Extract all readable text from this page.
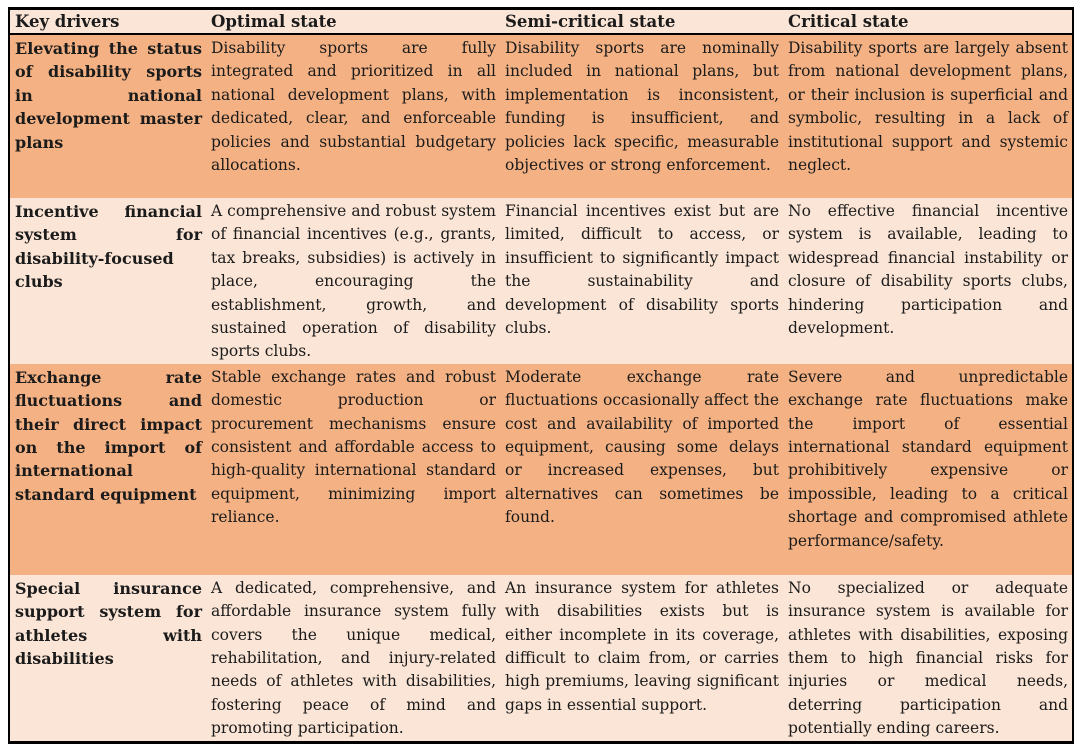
Key drivers	Optimal state	Semi-critical state	Critical state
Elevating the status of disability sports in national development master plans	Disability sports are fully integrated and prioritized in all national development plans, with dedicated, clear, and enforceable policies and substantial budgetary allocations.	Disability sports are nominally included in national plans, but implementation is inconsistent, funding is insufficient, and policies lack specific, measurable objectives or strong enforcement.	Disability sports are largely absent from national development plans, or their inclusion is superficial and symbolic, resulting in a lack of institutional support and systemic neglect.
Incentive financial system for disability-focused clubs	A comprehensive and robust system of financial incentives (e.g., grants, tax breaks, subsidies) is actively in place, encouraging the establishment, growth, and sustained operation of disability sports clubs.	Financial incentives exist but are limited, difficult to access, or insufficient to significantly impact the sustainability and development of disability sports clubs.	No effective financial incentive system is available, leading to widespread financial instability or closure of disability sports clubs, hindering participation and development.
Exchange rate fluctuations and their direct impact on the import of international standard equipment	Stable exchange rates and robust domestic production or procurement mechanisms ensure consistent and affordable access to high-quality international standard equipment, minimizing import reliance.	Moderate exchange rate fluctuations occasionally affect the cost and availability of imported equipment, causing some delays or increased expenses, but alternatives can sometimes be found.	Severe and unpredictable exchange rate fluctuations make the import of essential international standard equipment prohibitively expensive or impossible, leading to a critical shortage and compromised athlete performance/safety.
Special insurance support system for athletes with disabilities	A dedicated, comprehensive, and affordable insurance system fully covers the unique medical, rehabilitation, and injury-related needs of athletes with disabilities, fostering peace of mind and promoting participation.	An insurance system for athletes with disabilities exists but is either incomplete in its coverage, difficult to claim from, or carries high premiums, leaving significant gaps in essential support.	No specialized or adequate insurance system is available for athletes with disabilities, exposing them to high financial risks for injuries or medical needs, deterring participation and potentially ending careers.
